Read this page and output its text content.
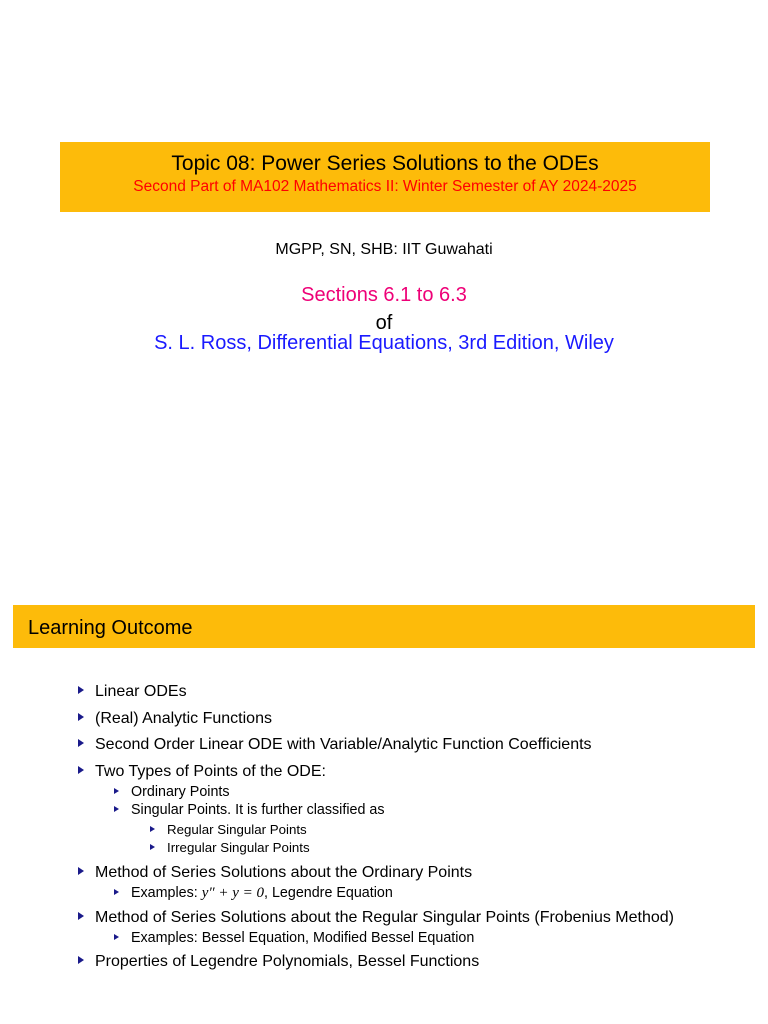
Topic 08: Power Series Solutions to the ODEs
Second Part of MA102 Mathematics II: Winter Semester of AY 2024-2025
MGPP, SN, SHB: IIT Guwahati
Sections 6.1 to 6.3
of
S. L. Ross, Differential Equations, 3rd Edition, Wiley
Learning Outcome
Linear ODEs
(Real) Analytic Functions
Second Order Linear ODE with Variable/Analytic Function Coefficients
Two Types of Points of the ODE:
Ordinary Points
Singular Points. It is further classified as
Regular Singular Points
Irregular Singular Points
Method of Series Solutions about the Ordinary Points
Examples: y″ + y = 0, Legendre Equation
Method of Series Solutions about the Regular Singular Points (Frobenius Method)
Examples: Bessel Equation, Modified Bessel Equation
Properties of Legendre Polynomials, Bessel Functions
